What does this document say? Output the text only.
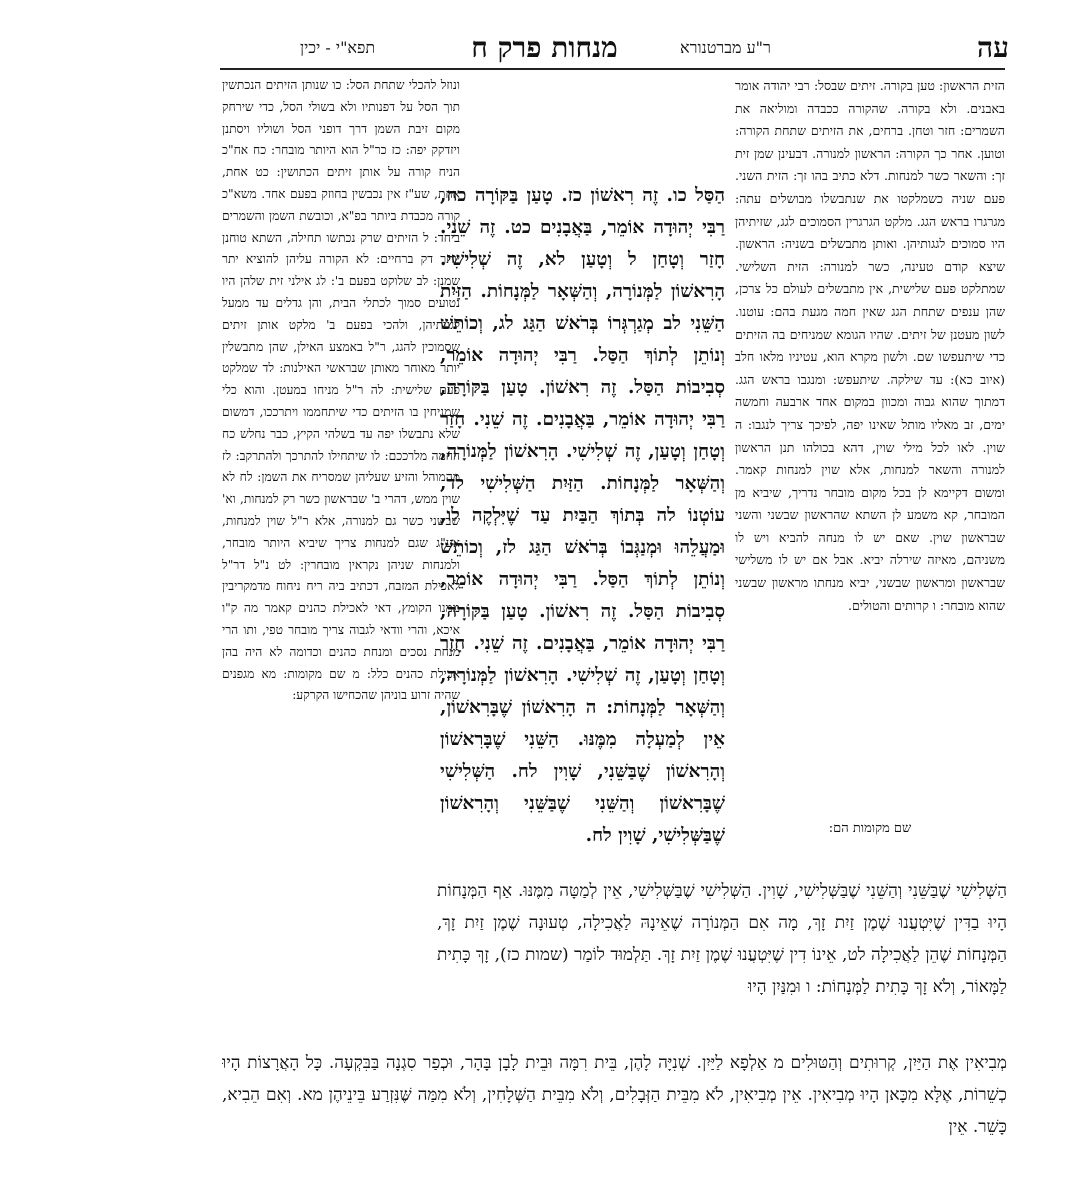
עה
תפא"י - יכין	מנחות פרק ח	ר"ע מברטנורא
הזית הראשון: טען בקורה. זיתים שבסל: רבי יהודה אומר באבנים. ולא בקורה. שהקורה ככבדה ומוליאה את השמרים: חזר וטחן. ברחים, את הזיתים שתחת הקורה: וטוען. אחר כך הקורה: הראשון למנורה. דבעינן שמן זית זך: והשאר כשר למנחות. דלא כתיב בהו זך: הזית השני. פעם שניה כשמלקטו את שנתבשלו מבושלים עתה: מגרגרו בראש הגג. מלקט הגרגרין הסמוכים לגג, שזיתיהן היו סמוכים לגגותיהן. ואותן מתבשלים בשניה: הראשון. שיצא קודם טעינה, כשר למנורה: הזית השלישי. שמתלקט פעם שלישית, אין מתבשלים לעולם כל צרכן, שהן ענפים שתחת הגג שאין חמה מגעת בהם: עוטנו. לשון מעטנן של זיתים. שהיו הגומא שמניחים בה הזיתים כדי שיתעפשו שם. ולשון מקרא הוא, עטיניו מלאו חלב (איוב כא): עד שילקה. שיתעפש: ומנגבו בראש הגג. דמתוך שהוא גבוה ומכוון במקום אחד ארבעה וחמשה ימים, זב מאליו מותל שאינו יפה, לפיכך צריך לנגבו: ה שוין. לאו לכל מילי שוין, דהא בכולהו תנן הראשון למנורה והשאר למנחות, אלא שוין למנחות קאמר. ומשום דקיימא לן בכל מקום מובחר נדריך, שיביא מן המובחר, קא משמע לן השתא שהראשון שבשני והשני שבראשון שוין. שאם יש לו מנחה להביא ויש לו משניהם, מאיזה שירלה יביא. אבל אם יש לו משלישי שבראשון ומראשון שבשני, יביא מנחתו מראשון שבשני שהוא מובחר: ו קרותים והטולים.
שם מקומות הם:
ונוזל להכלי שתחת הסל: כו שנותן הזיתים הנכתשין תוך הסל על דפנותיו ולא בשולי הסל, כדי שירחק מקום זיבת השמן דרך דופני הסל ושוליו ויסתנן ויזדקק יפה: כז כר"ל הוא היותר מובחר: כח אח"כ הניח קורה על אותן זיתים הכתושין: כט אחת, אחת, שע"ז אין נכבשין בחוזק בפעם אחד. משא"כ קורה מכבדת ביותר בפ"א, וכובשת השמן והשמרים ביחד: ל הזיתים שרק נכתשו תחילה, השתא טוחנן יותר דק ברחיים: לא הקורה עליהן להוציא יתר שמנן: לב שלוקט בפעם ב': לג אילני זית שלהן היו נטועים סמוך לכתלי הבית, והן גדלים עד ממעל לגגותיהן, ולהכי בפעם ב' מלקט אותן זיתים שסמוכין להגג, ר"ל באמצע האילן, שהן מתבשלין יותר מאוחר מאותן שבראשי האילנות: לד שמלקט פעם שלישית: לה ר"ל מניחו במעטן. והוא כלי שמניחין בו הזיתים כדי שיתחממו ויתרככו, דמשום שלא נתבשלו יפה עד בשלהי הקיץ, כבר נחלש כח החמה מלרככם: לו שיתחילו להתרכך ולהתרקב: לז מהמוהל והזיע שעליהן שמסריח את השמן: לח לא שוין ממש, דהרי ב' שבראשון כשר רק למנחות, וא' שבשני כשר גם למנורה, אלא ר"ל שוין למנחות, אע"ג שגם למנחות צריך שיביא היותר מובחר, ולמנחות שניהן נקראין מובחרין: לט נ"ל דר"ל לאכילת המזבח, דכתיב ביה ריח ניחוח מדמקריבין ממנו הקומץ, דאי לאכילת כהנים קאמר מה ק"ו איכא, והרי וודאי לגבוה צריך מובחר טפי, ותו הרי מנחת נסכים ומנחת כהנים וכדומה לא היה בהן אכילת כהנים כלל: מ שם מקומות: מא מגפנים שהיה זרוע בוניהן שהכחישו הקרקע:
הַסַּל כו. זֶה רִאשׁוֹן כז. טָעַן בַּקּוֹרָה כח, רַבִּי יְהוּדָה אוֹמֵר, בַּאֲבָנִים כט. זֶה שֵׁנִי. חָזַר וְטָחַן ל וְטָעַן לא, זֶה שְׁלִישִׁי. הָרִאשׁוֹן לַמְּנוֹרָה, וְהַשְּׁאָר לַמְּנָחוֹת. הַזַּיִת הַשֵּׁנִי לב מְגַרְגְּרוֹ בְּרֹאשׁ הַגַּג לג, וְכוֹתֵשׁ וְנוֹתֵן לְתוֹךְ הַסַּל. רַבִּי יְהוּדָה אוֹמֵר, סְבִיבוֹת הַסַּל. זֶה רִאשׁוֹן. טָעַן בַּקּוֹרָה, רַבִּי יְהוּדָה אוֹמֵר, בַּאֲבָנִים. זֶה שֵׁנִי. חָזַר וְטָחַן וְטָעַן, זֶה שְׁלִישִׁי. הָרִאשׁוֹן לַמְּנוֹרָה, וְהַשְּׁאָר לַמְּנָחוֹת. הַזַּיִת הַשְּׁלִישִׁי לד, עוֹטְנוֹ לה בְּתוֹךְ הַבַּיִת עַד שֶׁיִּלְקֶה לו, וּמַעֲלֵהוּ וּמְנַגְּבוֹ בְּרֹאשׁ הַגַּג לז, וְכוֹתֵשׁ וְנוֹתֵן לְתוֹךְ הַסַּל. רַבִּי יְהוּדָה אוֹמֵר, סְבִיבוֹת הַסַּל. זֶה רִאשׁוֹן. טָעַן בַּקּוֹרָה, רַבִּי יְהוּדָה אוֹמֵר, בַּאֲבָנִים. זֶה שֵׁנִי. חָזַר וְטָחַן וְטָעַן, זֶה שְׁלִישִׁי. הָרִאשׁוֹן לַמְּנוֹרָה, וְהַשְּׁאָר לַמְּנָחוֹת: ה הָרִאשׁוֹן שֶׁבָּרִאשׁוֹן, אֵין לְמַעְלָה מִמֶּנּוּ. הַשֵּׁנִי שֶׁבָּרִאשׁוֹן וְהָרִאשׁוֹן שֶׁבַּשֵּׁנִי, שָׁוִין לח. הַשְּׁלִישִׁי שֶׁבָּרִאשׁוֹן וְהַשֵּׁנִי שֶׁבַּשֵּׁנִי וְהָרִאשׁוֹן שֶׁבַּשְּׁלִישִׁי, שָׁוִין לח.
הַשְּׁלִישִׁי שֶׁבַּשֵּׁנִי וְהַשֵּׁנִי שֶׁבַּשְּׁלִישִׁי, שָׁוִין. הַשְּׁלִישִׁי שֶׁבַּשְּׁלִישִׁי, אֵין לְמַטָּה מִמֶּנּוּ. אַף הַמְּנָחוֹת הָיוּ בַדִּין שֶׁיִּטְעֲנוּ שֶׁמֶן זַיִת זָךְ, מָה אִם הַמְּנוֹרָה שֶׁאֵינָהּ לַאֲכִילָה, טְעוּנָה שֶׁמֶן זַיִת זָךְ, הַמְּנָחוֹת שֶׁהֵן לַאֲכִילָה לט, אֵינוֹ דִין שֶׁיִּטְעֲנוּ שֶׁמֶן זַיִת זָךְ. תַּלְמוּד לוֹמַר (שמות כז), זָךְ כָּתִית לַמָּאוֹר, וְלֹא זָךְ כָּתִית לַמְּנָחוֹת: ו וּמִנַּיִן הָיוּ
מְבִיאִין אֶת הַיַּיִן, קְרוּתִים וְהַטּוּלִים מ אַלְפָא לַיַּיִן. שְׁנִיָּה לָהֶן, בֵּית רִמָּה וּבֵית לָבָן בָּהָר, וּכְפַר סִגְנָה בַּבִּקְעָה. כָּל הָאֲרָצוֹת הָיוּ כְשֵׁרוֹת, אֶלָּא מִכָּאן הָיוּ מְבִיאִין. אֵין מְבִיאִין, לֹא מִבֵּית הַזְּבָלִים, וְלֹא מִבֵּית הַשְּׁלָחִין, וְלֹא מִמַּה שֶּׁנִּזְרַע בֵּינֵיהֶן מא. וְאִם הֵבִיא, כָּשֵׁר. אֵין
